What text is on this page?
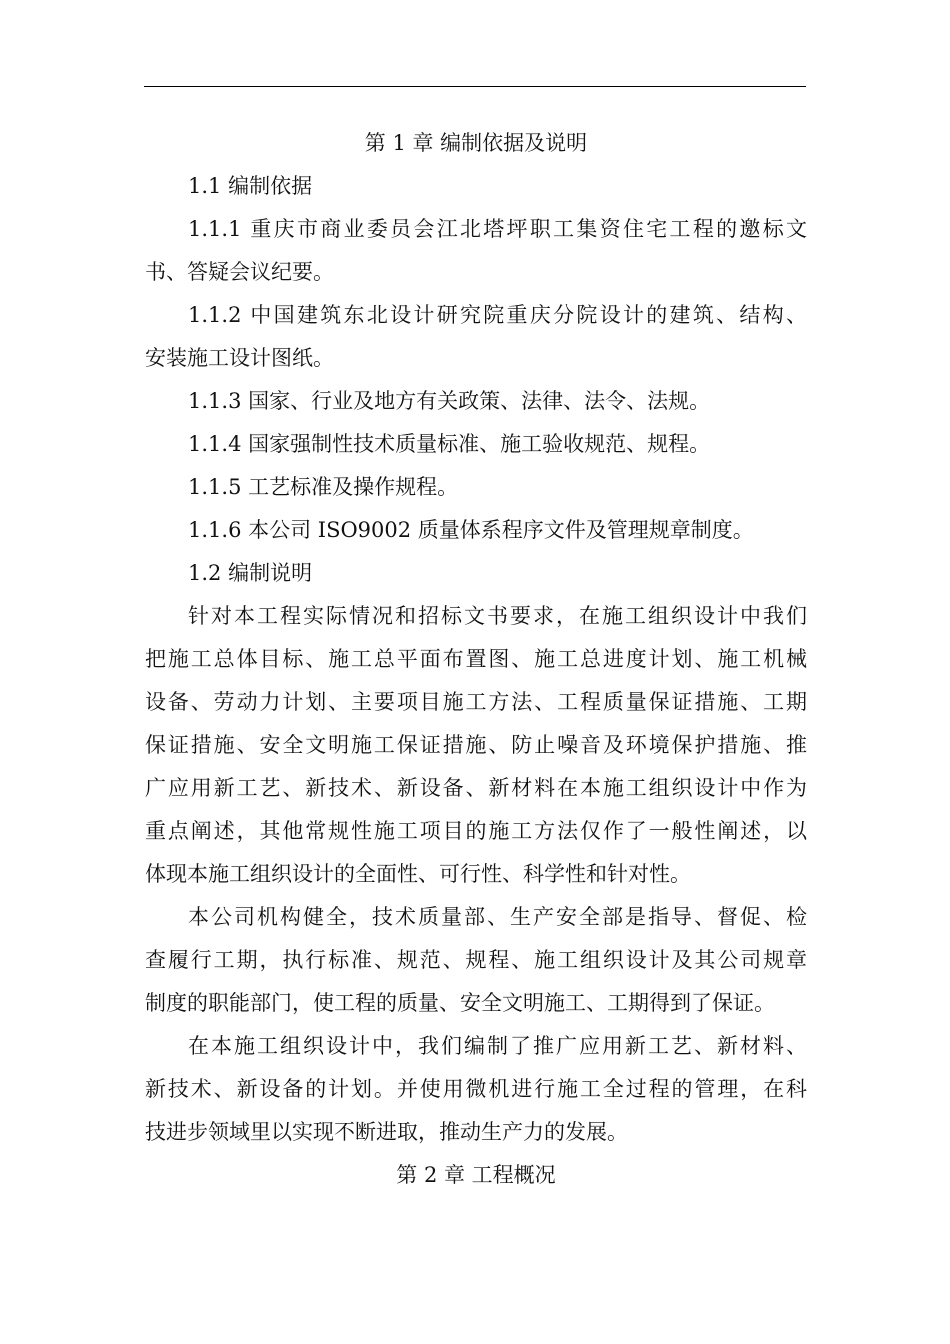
第 1 章 编制依据及说明
1.1 编制依据
1.1.1 重庆市商业委员会江北塔坪职工集资住宅工程的邀标文
书、答疑会议纪要。
1.1.2 中国建筑东北设计研究院重庆分院设计的建筑、结构、
安装施工设计图纸。
1.1.3 国家、行业及地方有关政策、法律、法令、法规。
1.1.4 国家强制性技术质量标准、施工验收规范、规程。
1.1.5 工艺标准及操作规程。
1.1.6 本公司 ISO9002 质量体系程序文件及管理规章制度。
1.2 编制说明
针对本工程实际情况和招标文书要求，在施工组织设计中我们
把施工总体目标、施工总平面布置图、施工总进度计划、施工机械
设备、劳动力计划、主要项目施工方法、工程质量保证措施、工期
保证措施、安全文明施工保证措施、防止噪音及环境保护措施、推
广应用新工艺、新技术、新设备、新材料在本施工组织设计中作为
重点阐述，其他常规性施工项目的施工方法仅作了一般性阐述，以
体现本施工组织设计的全面性、可行性、科学性和针对性。
本公司机构健全，技术质量部、生产安全部是指导、督促、检
查履行工期，执行标准、规范、规程、施工组织设计及其公司规章
制度的职能部门，使工程的质量、安全文明施工、工期得到了保证。
在本施工组织设计中，我们编制了推广应用新工艺、新材料、
新技术、新设备的计划。并使用微机进行施工全过程的管理，在科
技进步领域里以实现不断进取，推动生产力的发展。
第 2 章 工程概况
